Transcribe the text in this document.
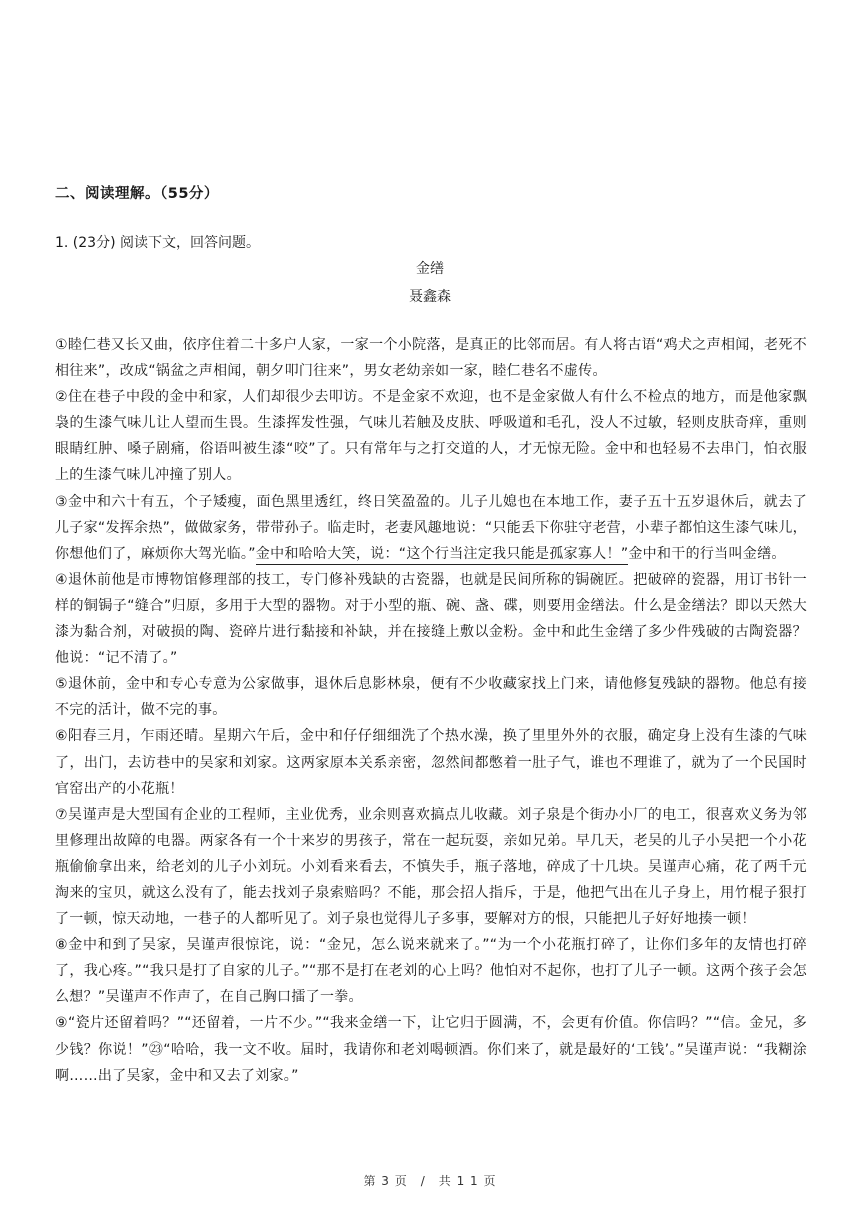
二、阅读理解。（55分）
1. (23分) 阅读下文，回答问题。
金缮
聂鑫森

①睦仁巷又长又曲，依序住着二十多户人家，一家一个小院落，是真正的比邻而居。有人将古语“鸡犬之声相闻，老死不相往来”，改成“锅盆之声相闻，朝夕叩门往来”，男女老幼亲如一家，睦仁巷名不虚传。

②住在巷子中段的金中和家，人们却很少去叩访。不是金家不欢迎，也不是金家做人有什么不检点的地方，而是他家飘袅的生漆气味儿让人望而生畏。生漆挥发性强，气味儿若触及皮肤、呼吸道和毛孔，没人不过敏，轻则皮肤奇痒，重则眼睛红肿、嗓子剧痛，俗语叫被生漆“咬”了。只有常年与之打交道的人，才无惊无险。金中和也轻易不去串门，怕衣服上的生漆气味儿冲撞了别人。

③金中和六十有五，个子矮瘦，面色黑里透红，终日笑盈盈的。儿子儿媳也在本地工作，妻子五十五岁退休后，就去了儿子家“发挥余热”，做做家务，带带孙子。临走时，老妻风趣地说：“只能丢下你驻守老营，小辈子都怕这生漆气味儿，你想他们了，麻烦你大驾光临。”金中和哈哈大笑，说：“这个行当注定我只能是孤家寡人！”金中和干的行当叫金缮。

④退休前他是市博物馆修理部的技工，专门修补残缺的古瓷器，也就是民间所称的锔碗匠。把破碎的瓷器，用订书针一样的铜锔子“缝合”归原，多用于大型的器物。对于小型的瓶、碗、盏、碟，则要用金缮法。什么是金缮法？即以天然大漆为黏合剂，对破损的陶、瓷碎片进行黏接和补缺，并在接缝上敷以金粉。金中和此生金缮了多少件残破的古陶瓷器？他说：“记不清了。”

⑤退休前，金中和专心专意为公家做事，退休后息影林泉，便有不少收藏家找上门来，请他修复残缺的器物。他总有接不完的活计，做不完的事。

⑥阳春三月，乍雨还晴。星期六午后，金中和仔仔细细洗了个热水澡，换了里里外外的衣服，确定身上没有生漆的气味了，出门，去访巷中的吴家和刘家。这两家原本关系亲密，忽然间都憋着一肚子气，谁也不理谁了，就为了一个民国时官窑出产的小花瓶！

⑦吴谨声是大型国有企业的工程师，主业优秀，业余则喜欢搞点儿收藏。刘子泉是个街办小厂的电工，很喜欢义务为邻里修理出故障的电器。两家各有一个十来岁的男孩子，常在一起玩耍，亲如兄弟。早几天，老吴的儿子小吴把一个小花瓶偷偷拿出来，给老刘的儿子小刘玩。小刘看来看去，不慎失手，瓶子落地，碎成了十几块。吴谨声心痛，花了两千元淘来的宝贝，就这么没有了，能去找刘子泉索赔吗？不能，那会招人指斥，于是，他把气出在儿子身上，用竹棍子狠打了一顿，惊天动地，一巷子的人都听见了。刘子泉也觉得儿子多事，要解对方的恨，只能把儿子好好地揍一顿！

⑧金中和到了吴家，吴谨声很惊诧，说：“金兄，怎么说来就来了。”“为一个小花瓶打碎了，让你们多年的友情也打碎了，我心疼。”“我只是打了自家的儿子。”“那不是打在老刘的心上吗？他怕对不起你，也打了儿子一顿。这两个孩子会怎么想？”吴谨声不作声了，在自己胸口擂了一拳。

⑨“瓷片还留着吗？”“还留着，一片不少。”“我来金缮一下，让它归于圆满，不，会更有价值。你信吗？”“信。金兄，多少钱？你说！”㉓“哈哈，我一文不收。届时，我请你和老刘喝顿酒。你们来了，就是最好的‘工钱’。”吴谨声说：“我糊涂啊……出了吴家，金中和又去了刘家。”

第 3 页　/　共 1 1 页
